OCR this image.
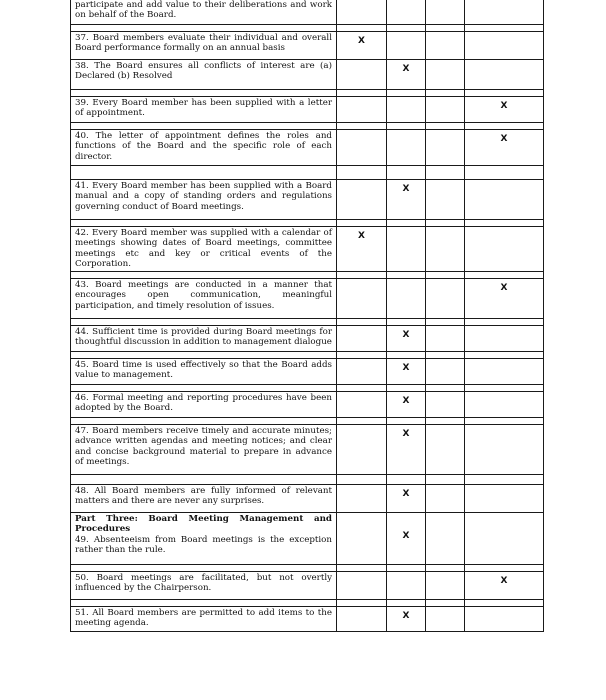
participate and add value to their deliberations and work on behalf of the Board.				

37. Board members evaluate their individual and overall Board performance formally on an annual basis	X			
38. The Board ensures all conflicts of interest are (a) Declared (b) Resolved		X		

39. Every Board member has been supplied with a letter of appointment.				X

40. The letter of appointment defines the roles and functions of the Board and the specific role of each director.				X

41. Every Board member has been supplied with a Board manual and a copy of standing orders and regulations governing conduct of Board meetings.		X		

42. Every Board member was supplied with a calendar of meetings showing dates of Board meetings, committee meetings etc and key or critical events of the Corporation.	X			

43. Board meetings are conducted in a manner that encourages open communication, meaningful participation, and timely resolution of issues.				X

44. Sufficient time is provided during Board meetings for thoughtful discussion in addition to management dialogue		X		

45. Board time is used effectively so that the Board adds value to management.		X		

46. Formal meeting and reporting procedures have been adopted by the Board.		X		

47. Board members receive timely and accurate minutes; advance written agendas and meeting notices; and clear and concise background material to prepare in advance of meetings.		X		

48. All Board members are fully informed of relevant matters and there are never any surprises.		X		

Part Three: Board Meeting Management and Procedures
49. Absenteeism from Board meetings is the exception rather than the rule.		X		

50. Board meetings are facilitated, but not overtly influenced by the Chairperson.				X

51. All Board members are permitted to add items to the meeting agenda.		X		
